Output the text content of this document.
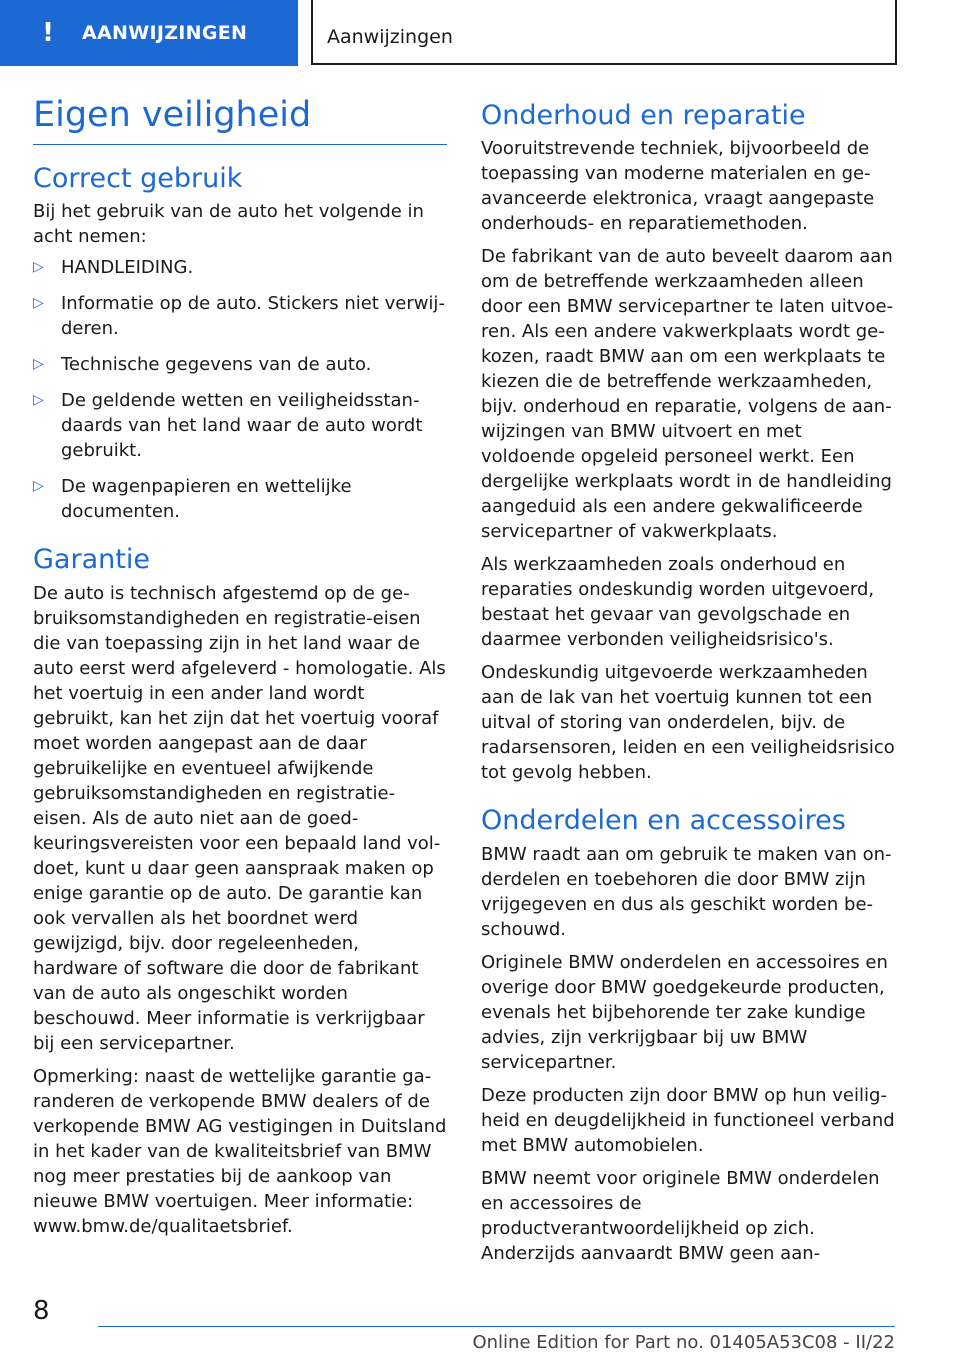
!	AANWIJZINGEN	Aanwijzingen
Eigen veiligheid
Correct gebruik

Bij het gebruik van de auto het volgende in acht nemen:

▷ HANDLEIDING.
▷ Informatie op de auto. Stickers niet verwijderen.
▷ Technische gegevens van de auto.
▷ De geldende wetten en veiligheidsstandaards van het land waar de auto wordt gebruikt.
▷ De wagenpapieren en wettelijke documenten.
Garantie

De auto is technisch afgestemd op de gebruiksomstandigheden en registratie-eisen die van toepassing zijn in het land waar de auto eerst werd afgeleverd - homologatie. Als het voertuig in een ander land wordt gebruikt, kan het zijn dat het voertuig vooraf moet worden aangepast aan de daar gebruikelijke en eventueel afwijkende gebruiksomstandigheden en registratie-eisen. Als de auto niet aan de goedkeuringsvereisten voor een bepaald land voldoet, kunt u daar geen aanspraak maken op enige garantie op de auto. De garantie kan ook vervallen als het boordnet werd gewijzigd, bijv. door regeleenheden, hardware of software die door de fabrikant van de auto als ongeschikt worden beschouwd. Meer informatie is verkrijgbaar bij een servicepartner.

Opmerking: naast de wettelijke garantie garanderen de verkopende BMW dealers of de verkopende BMW AG vestigingen in Duitsland in het kader van de kwaliteitsbrief van BMW nog meer prestaties bij de aankoop van nieuwe BMW voertuigen. Meer informatie: www.bmw.de/qualitaetsbrief.

Onderhoud en reparatie

Vooruitstrevende techniek, bijvoorbeeld de toepassing van moderne materialen en geavanceerde elektronica, vraagt aangepaste onderhouds- en reparatiemethoden.

De fabrikant van de auto beveelt daarom aan om de betreffende werkzaamheden alleen door een BMW servicepartner te laten uitvoeren. Als een andere vakwerkplaats wordt gekozen, raadt BMW aan om een werkplaats te kiezen die de betreffende werkzaamheden, bijv. onderhoud en reparatie, volgens de aanwijzingen van BMW uitvoert en met voldoende opgeleid personeel werkt. Een dergelijke werkplaats wordt in de handleiding aangeduid als een andere gekwalificeerde servicepartner of vakwerkplaats.

Als werkzaamheden zoals onderhoud en reparaties ondeskundig worden uitgevoerd, bestaat het gevaar van gevolgschade en daarmee verbonden veiligheidsrisico's.

Ondeskundig uitgevoerde werkzaamheden aan de lak van het voertuig kunnen tot een uitval of storing van onderdelen, bijv. de radarsensoren, leiden en een veiligheidsrisico tot gevolg hebben.

Onderdelen en accessoires

BMW raadt aan om gebruik te maken van onderdelen en toebehoren die door BMW zijn vrijgegeven en dus als geschikt worden beschouwd.

Originele BMW onderdelen en accessoires en overige door BMW goedgekeurde producten, evenals het bijbehorende ter zake kundige advies, zijn verkrijgbaar bij uw BMW servicepartner.

Deze producten zijn door BMW op hun veiligheid en deugdelijkheid in functioneel verband met BMW automobielen.

BMW neemt voor originele BMW onderdelen en accessoires de productverantwoordelijkheid op zich. Anderzijds aanvaardt BMW geen aan-

8
Online Edition for Part no. 01405A53C08 - II/22
